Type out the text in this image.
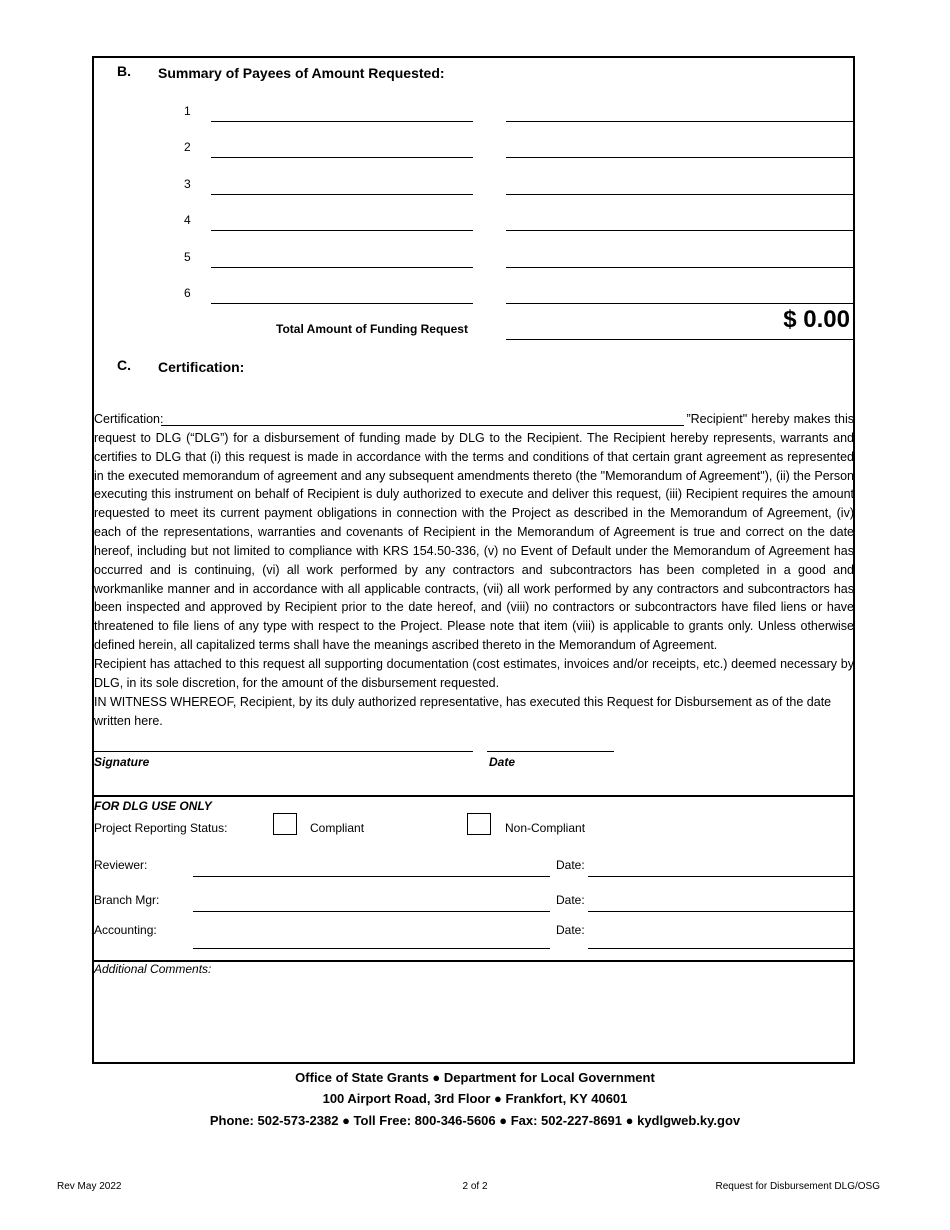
B. Summary of Payees of Amount Requested:
1
2
3
4
5
6
Total Amount of Funding Request	$ 0.00
C. Certification:

Certification:	”Recipient" hereby makes this request to DLG (“DLG”) for a disbursement of funding made by DLG to the Recipient. The Recipient hereby represents, warrants and certifies to DLG that (i) this request is made in accordance with the terms and conditions of that certain grant agreement as represented in the executed memorandum of agreement and any subsequent amendments thereto (the "Memorandum of Agreement"), (ii) the Person executing this instrument on behalf of Recipient is duly authorized to execute and deliver this request, (iii) Recipient requires the amount requested to meet its current payment obligations in connection with the Project as described in the Memorandum of Agreement, (iv) each of the representations, warranties and covenants of Recipient in the Memorandum of Agreement is true and correct on the date hereof, including but not limited to compliance with KRS 154.50-336, (v) no Event of Default under the Memorandum of Agreement has occurred and is continuing, (vi) all work performed by any contractors and subcontractors has been completed in a good and workmanlike manner and in accordance with all applicable contracts, (vii) all work performed by any contractors and subcontractors has been inspected and approved by Recipient prior to the date hereof, and (viii) no contractors or subcontractors have filed liens or have threatened to file liens of any type with respect to the Project. Please note that item (viii) is applicable to grants only. Unless otherwise defined herein, all capitalized terms shall have the meanings ascribed thereto in the Memorandum of Agreement.

Recipient has attached to this request all supporting documentation (cost estimates, invoices and/or receipts, etc.) deemed necessary by DLG, in its sole discretion, for the amount of the disbursement requested.

IN WITNESS WHEREOF, Recipient, by its duly authorized representative, has executed this Request for Disbursement as of the date written here.

Signature	Date
FOR DLG USE ONLY
Project Reporting Status:	Compliant	Non-Compliant
Reviewer:	Date:
Branch Mgr:	Date:
Accounting:	Date:
Additional Comments:
Office of State Grants ● Department for Local Government
100 Airport Road, 3rd Floor ● Frankfort, KY 40601
Phone: 502-573-2382 ● Toll Free: 800-346-5606 ● Fax: 502-227-8691 ● kydlgweb.ky.gov
Rev May 2022	2 of 2	Request for Disbursement DLG/OSG
